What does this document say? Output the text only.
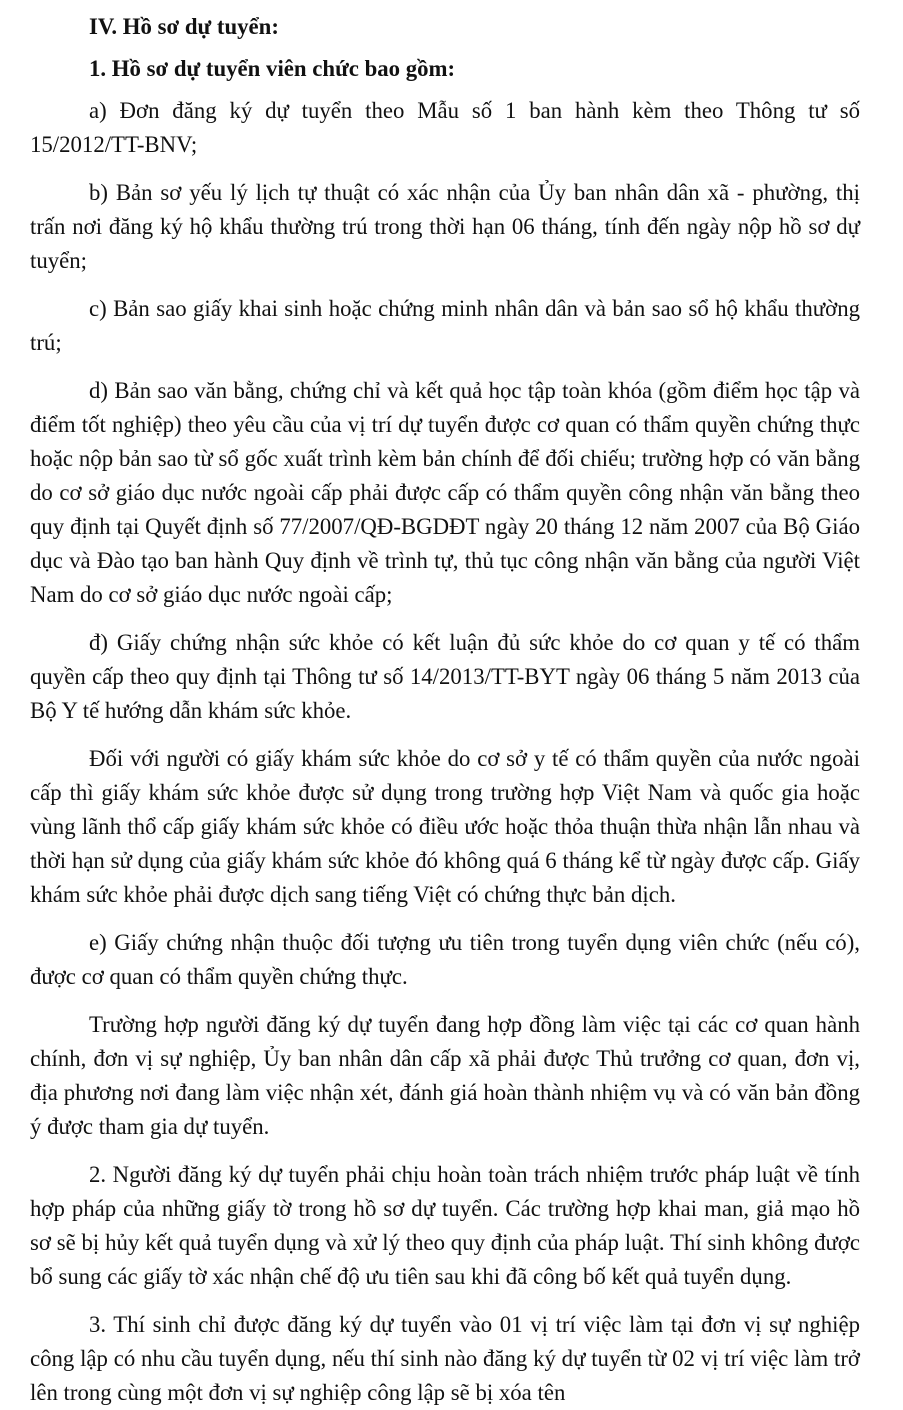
IV. Hồ sơ dự tuyển:

1. Hồ sơ dự tuyển viên chức bao gồm:

a) Đơn đăng ký dự tuyển theo Mẫu số 1 ban hành kèm theo Thông tư số 15/2012/TT-BNV;

b) Bản sơ yếu lý lịch tự thuật có xác nhận của Ủy ban nhân dân xã - phường, thị trấn nơi đăng ký hộ khẩu thường trú trong thời hạn 06 tháng, tính đến ngày nộp hồ sơ dự tuyển;

c) Bản sao giấy khai sinh hoặc chứng minh nhân dân và bản sao sổ hộ khẩu thường trú;

d) Bản sao văn bằng, chứng chỉ và kết quả học tập toàn khóa (gồm điểm học tập và điểm tốt nghiệp) theo yêu cầu của vị trí dự tuyển được cơ quan có thẩm quyền chứng thực hoặc nộp bản sao từ sổ gốc xuất trình kèm bản chính để đối chiếu; trường hợp có văn bằng do cơ sở giáo dục nước ngoài cấp phải được cấp có thẩm quyền công nhận văn bằng theo quy định tại Quyết định số 77/2007/QĐ-BGDĐT ngày 20 tháng 12 năm 2007 của Bộ Giáo dục và Đào tạo ban hành Quy định về trình tự, thủ tục công nhận văn bằng của người Việt Nam do cơ sở giáo dục nước ngoài cấp;

đ) Giấy chứng nhận sức khỏe có kết luận đủ sức khỏe do cơ quan y tế có thẩm quyền cấp theo quy định tại Thông tư số 14/2013/TT-BYT ngày 06 tháng 5 năm 2013 của Bộ Y tế hướng dẫn khám sức khỏe.

Đối với người có giấy khám sức khỏe do cơ sở y tế có thẩm quyền của nước ngoài cấp thì giấy khám sức khỏe được sử dụng trong trường hợp Việt Nam và quốc gia hoặc vùng lãnh thổ cấp giấy khám sức khỏe có điều ước hoặc thỏa thuận thừa nhận lẫn nhau và thời hạn sử dụng của giấy khám sức khỏe đó không quá 6 tháng kể từ ngày được cấp. Giấy khám sức khỏe phải được dịch sang tiếng Việt có chứng thực bản dịch.

e) Giấy chứng nhận thuộc đối tượng ưu tiên trong tuyển dụng viên chức (nếu có), được cơ quan có thẩm quyền chứng thực.

Trường hợp người đăng ký dự tuyển đang hợp đồng làm việc tại các cơ quan hành chính, đơn vị sự nghiệp, Ủy ban nhân dân cấp xã phải được Thủ trưởng cơ quan, đơn vị, địa phương nơi đang làm việc nhận xét, đánh giá hoàn thành nhiệm vụ và có văn bản đồng ý được tham gia dự tuyển.

2. Người đăng ký dự tuyển phải chịu hoàn toàn trách nhiệm trước pháp luật về tính hợp pháp của những giấy tờ trong hồ sơ dự tuyển. Các trường hợp khai man, giả mạo hồ sơ sẽ bị hủy kết quả tuyển dụng và xử lý theo quy định của pháp luật. Thí sinh không được bổ sung các giấy tờ xác nhận chế độ ưu tiên sau khi đã công bố kết quả tuyển dụng.

3. Thí sinh chỉ được đăng ký dự tuyển vào 01 vị trí việc làm tại đơn vị sự nghiệp công lập có nhu cầu tuyển dụng, nếu thí sinh nào đăng ký dự tuyển từ 02 vị trí việc làm trở lên trong cùng một đơn vị sự nghiệp công lập sẽ bị xóa tên
